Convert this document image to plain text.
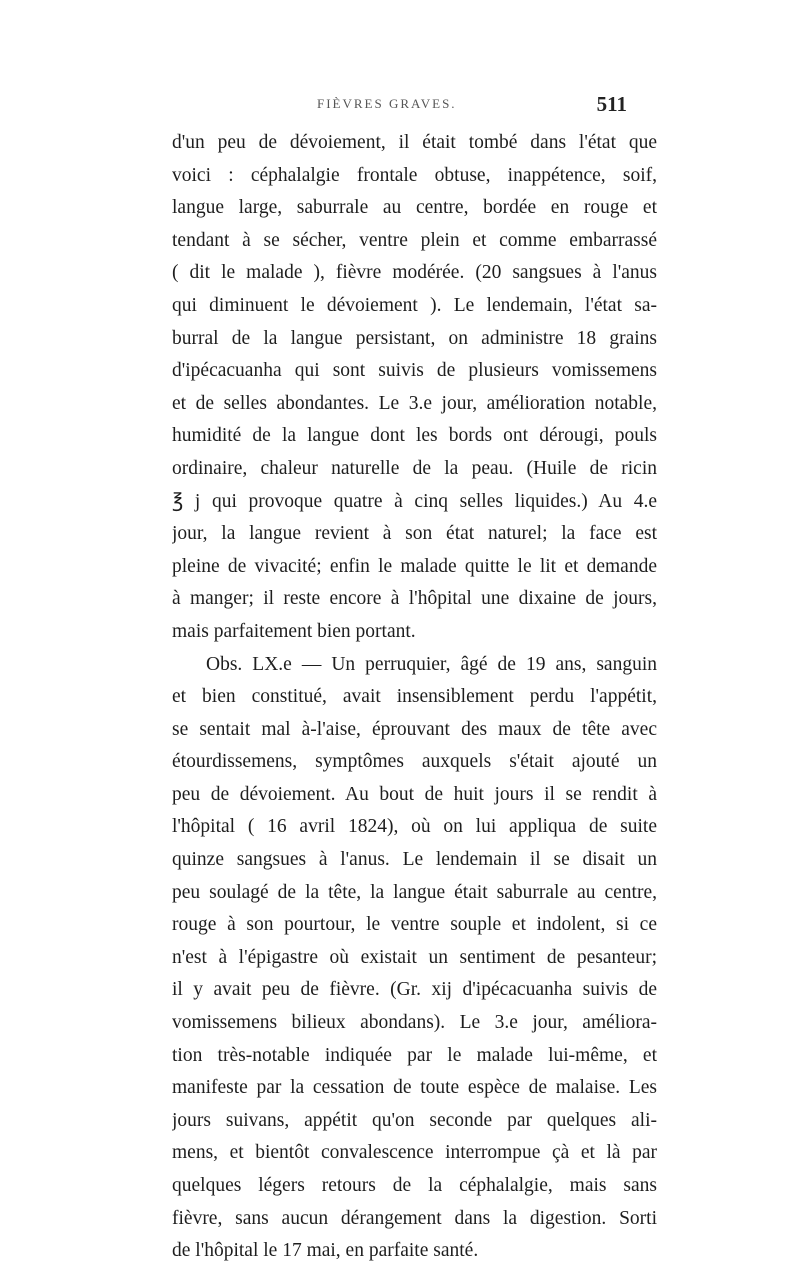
FIÈVRES GRAVES.	511
d'un peu de dévoiement, il était tombé dans l'état que
voici : céphalalgie frontale obtuse, inappétence, soif,
langue large, saburrale au centre, bordée en rouge et
tendant à se sécher, ventre plein et comme embarrassé
( dit le malade ), fièvre modérée. (20 sangsues à l'anus
qui diminuent le dévoiement ). Le lendemain, l'état sa-
burral de la langue persistant, on administre 18 grains
d'ipécacuanha qui sont suivis de plusieurs vomissemens
et de selles abondantes. Le 3.e jour, amélioration notable,
humidité de la langue dont les bords ont dérougi, pouls
ordinaire, chaleur naturelle de la peau. (Huile de ricin
℥ j qui provoque quatre à cinq selles liquides.) Au 4.e
jour, la langue revient à son état naturel; la face est
pleine de vivacité; enfin le malade quitte le lit et demande
à manger; il reste encore à l'hôpital une dixaine de jours,
mais parfaitement bien portant.
Obs. LX.e — Un perruquier, âgé de 19 ans, sanguin
et bien constitué, avait insensiblement perdu l'appétit,
se sentait mal à-l'aise, éprouvant des maux de tête avec
étourdissemens, symptômes auxquels s'était ajouté un
peu de dévoiement. Au bout de huit jours il se rendit à
l'hôpital ( 16 avril 1824), où on lui appliqua de suite
quinze sangsues à l'anus. Le lendemain il se disait un
peu soulagé de la tête, la langue était saburrale au centre,
rouge à son pourtour, le ventre souple et indolent, si ce
n'est à l'épigastre où existait un sentiment de pesanteur;
il y avait peu de fièvre. (Gr. xij d'ipécacuanha suivis de
vomissemens bilieux abondans). Le 3.e jour, améliora-
tion très-notable indiquée par le malade lui-même, et
manifeste par la cessation de toute espèce de malaise. Les
jours suivans, appétit qu'on seconde par quelques ali-
mens, et bientôt convalescence interrompue çà et là par
quelques légers retours de la céphalalgie, mais sans
fièvre, sans aucun dérangement dans la digestion. Sorti
de l'hôpital le 17 mai, en parfaite santé.
